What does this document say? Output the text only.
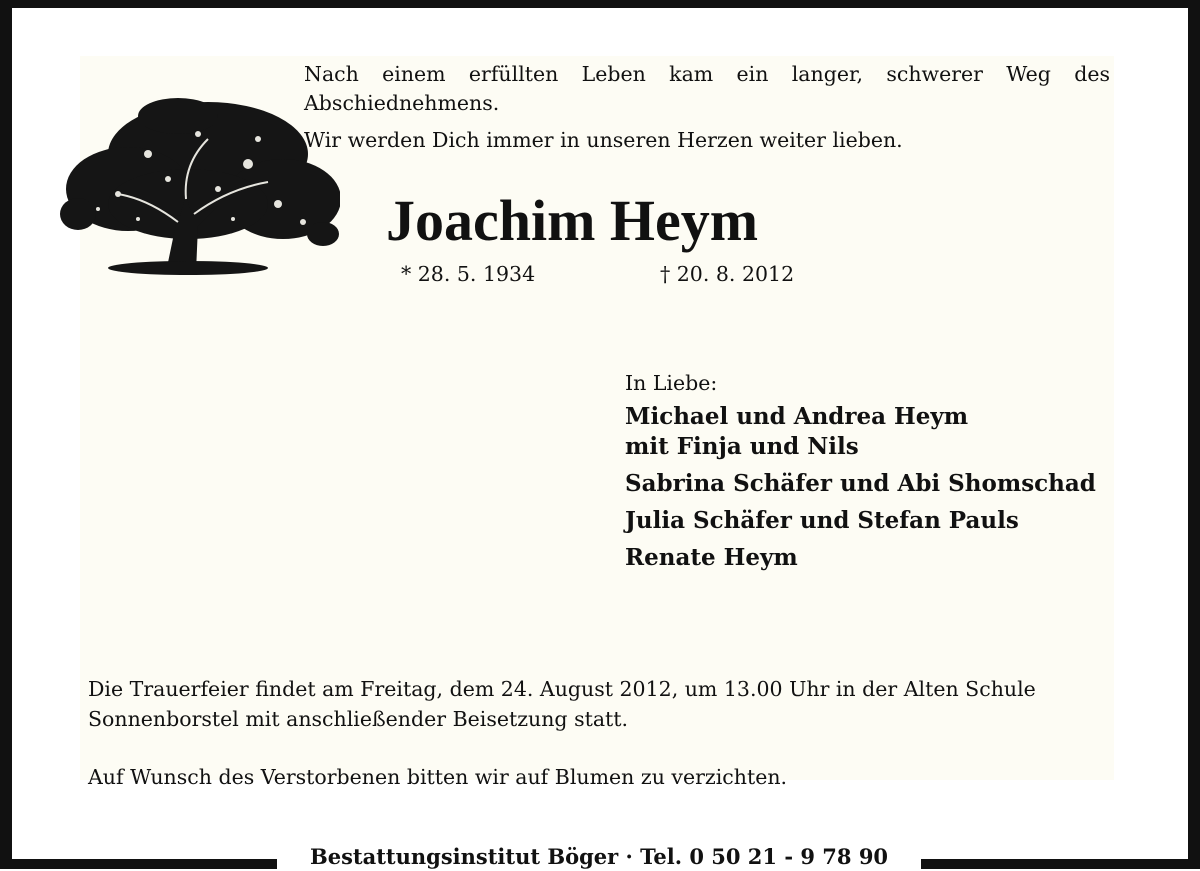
Nach einem erfüllten Leben kam ein langer, schwerer Weg des Abschiednehmens.

Wir werden Dich immer in unseren Herzen weiter lieben.

Joachim Heym
* 28. 5. 1934	† 20. 8. 2012

In Liebe:

Michael und Andrea Heym
mit Finja und Nils

Sabrina Schäfer und Abi Shomschad

Julia Schäfer und Stefan Pauls

Renate Heym

Die Trauerfeier findet am Freitag, dem 24. August 2012, um 13.00 Uhr in der Alten Schule Sonnenborstel mit anschließender Beisetzung statt.

Auf Wunsch des Verstorbenen bitten wir auf Blumen zu verzichten.

Bestattungsinstitut Böger · Tel. 0 50 21 - 9 78 90
